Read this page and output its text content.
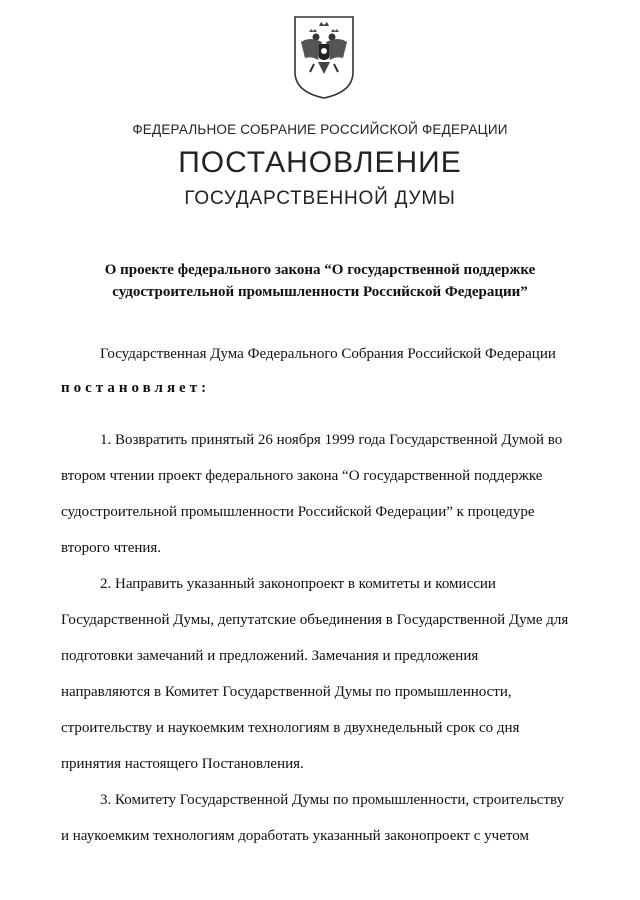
ФЕДЕРАЛЬНОЕ СОБРАНИЕ РОССИЙСКОЙ ФЕДЕРАЦИИ
ПОСТАНОВЛЕНИЕ
ГОСУДАРСТВЕННОЙ ДУМЫ
О проекте федерального закона “О государственной поддержке
судостроительной промышленности Российской Федерации”
Государственная Дума Федерального Собрания Российской Федерации
постановляет:
1. Возвратить принятый 26 ноября 1999 года Государственной Думой во
втором чтении проект федерального закона “О государственной поддержке
судостроительной промышленности Российской Федерации” к процедуре
второго чтения.
2. Направить указанный законопроект в комитеты и комиссии
Государственной Думы, депутатские объединения в Государственной Думе для
подготовки замечаний и предложений. Замечания и предложения
направляются в Комитет Государственной Думы по промышленности,
строительству и наукоемким технологиям в двухнедельный срок со дня
принятия настоящего Постановления.
3. Комитету Государственной Думы по промышленности, строительству
и наукоемким технологиям доработать указанный законопроект с учетом
